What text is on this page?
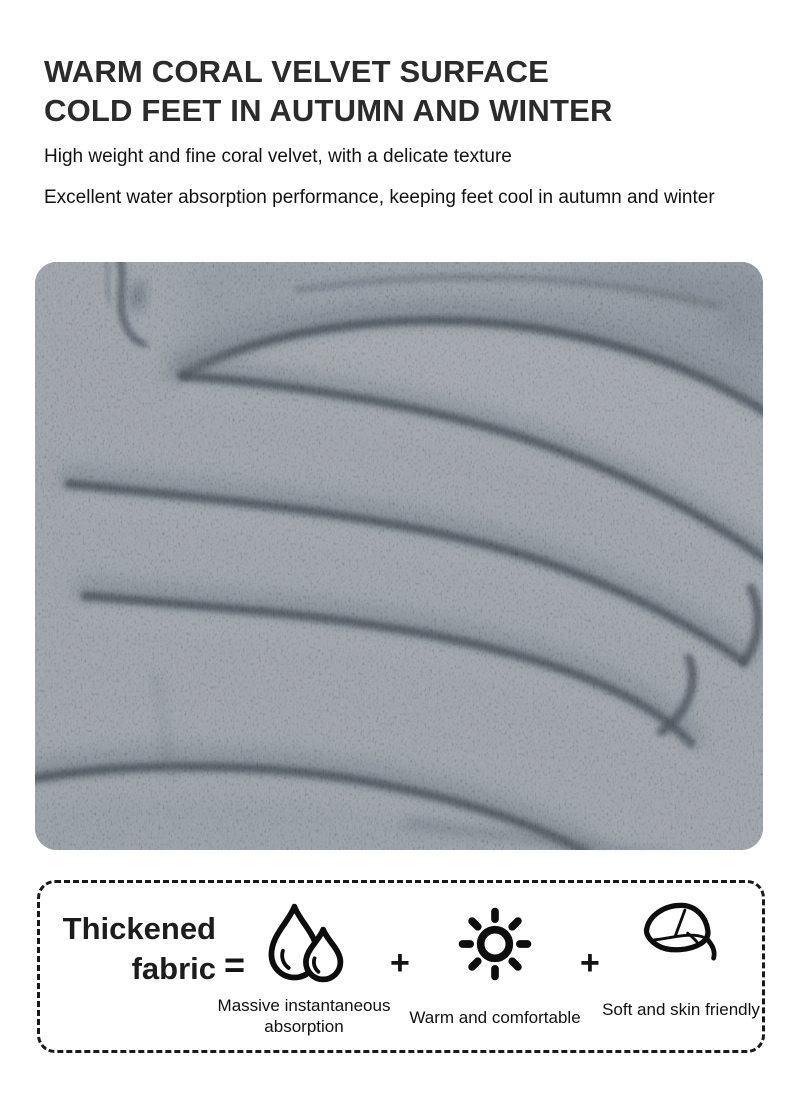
WARM CORAL VELVET SURFACE
COLD FEET IN AUTUMN AND WINTER

High weight and fine coral velvet, with a delicate texture

Excellent water absorption performance, keeping feet cool in autumn and winter

Thickened
fabric =
Massive instantaneous absorption
+
Warm and comfortable
+
Soft and skin friendly
